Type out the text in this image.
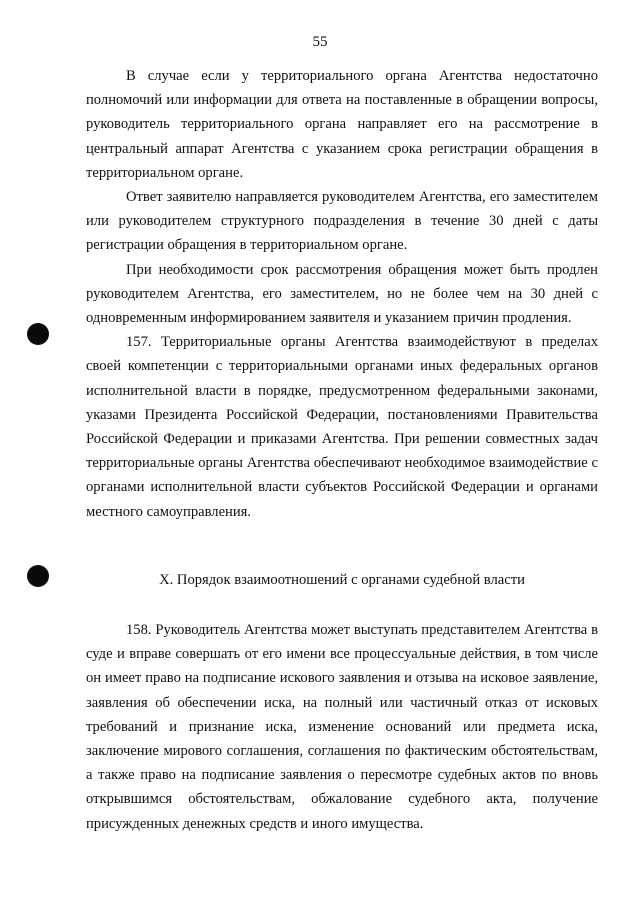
55

В случае если у территориального органа Агентства недостаточно полномочий или информации для ответа на поставленные в обращении вопросы, руководитель территориального органа направляет его на рассмотрение в центральный аппарат Агентства с указанием срока регистрации обращения в территориальном органе.

Ответ заявителю направляется руководителем Агентства, его заместителем или руководителем структурного подразделения в течение 30 дней с даты регистрации обращения в территориальном органе.

При необходимости срок рассмотрения обращения может быть продлен руководителем Агентства, его заместителем, но не более чем на 30 дней с одновременным информированием заявителя и указанием причин продления.

157. Территориальные органы Агентства взаимодействуют в пределах своей компетенции с территориальными органами иных федеральных органов исполнительной власти в порядке, предусмотренном федеральными законами, указами Президента Российской Федерации, постановлениями Правительства Российской Федерации и приказами Агентства. При решении совместных задач территориальные органы Агентства обеспечивают необходимое взаимодействие с органами исполнительной власти субъектов Российской Федерации и органами местного самоуправления.

X. Порядок взаимоотношений с органами судебной власти

158. Руководитель Агентства может выступать представителем Агентства в суде и вправе совершать от его имени все процессуальные действия, в том числе он имеет право на подписание искового заявления и отзыва на исковое заявление, заявления об обеспечении иска, на полный или частичный отказ от исковых требований и признание иска, изменение оснований или предмета иска, заключение мирового соглашения, соглашения по фактическим обстоятельствам, а также право на подписание заявления о пересмотре судебных актов по вновь открывшимся обстоятельствам, обжалование судебного акта, получение присужденных денежных средств и иного имущества.
